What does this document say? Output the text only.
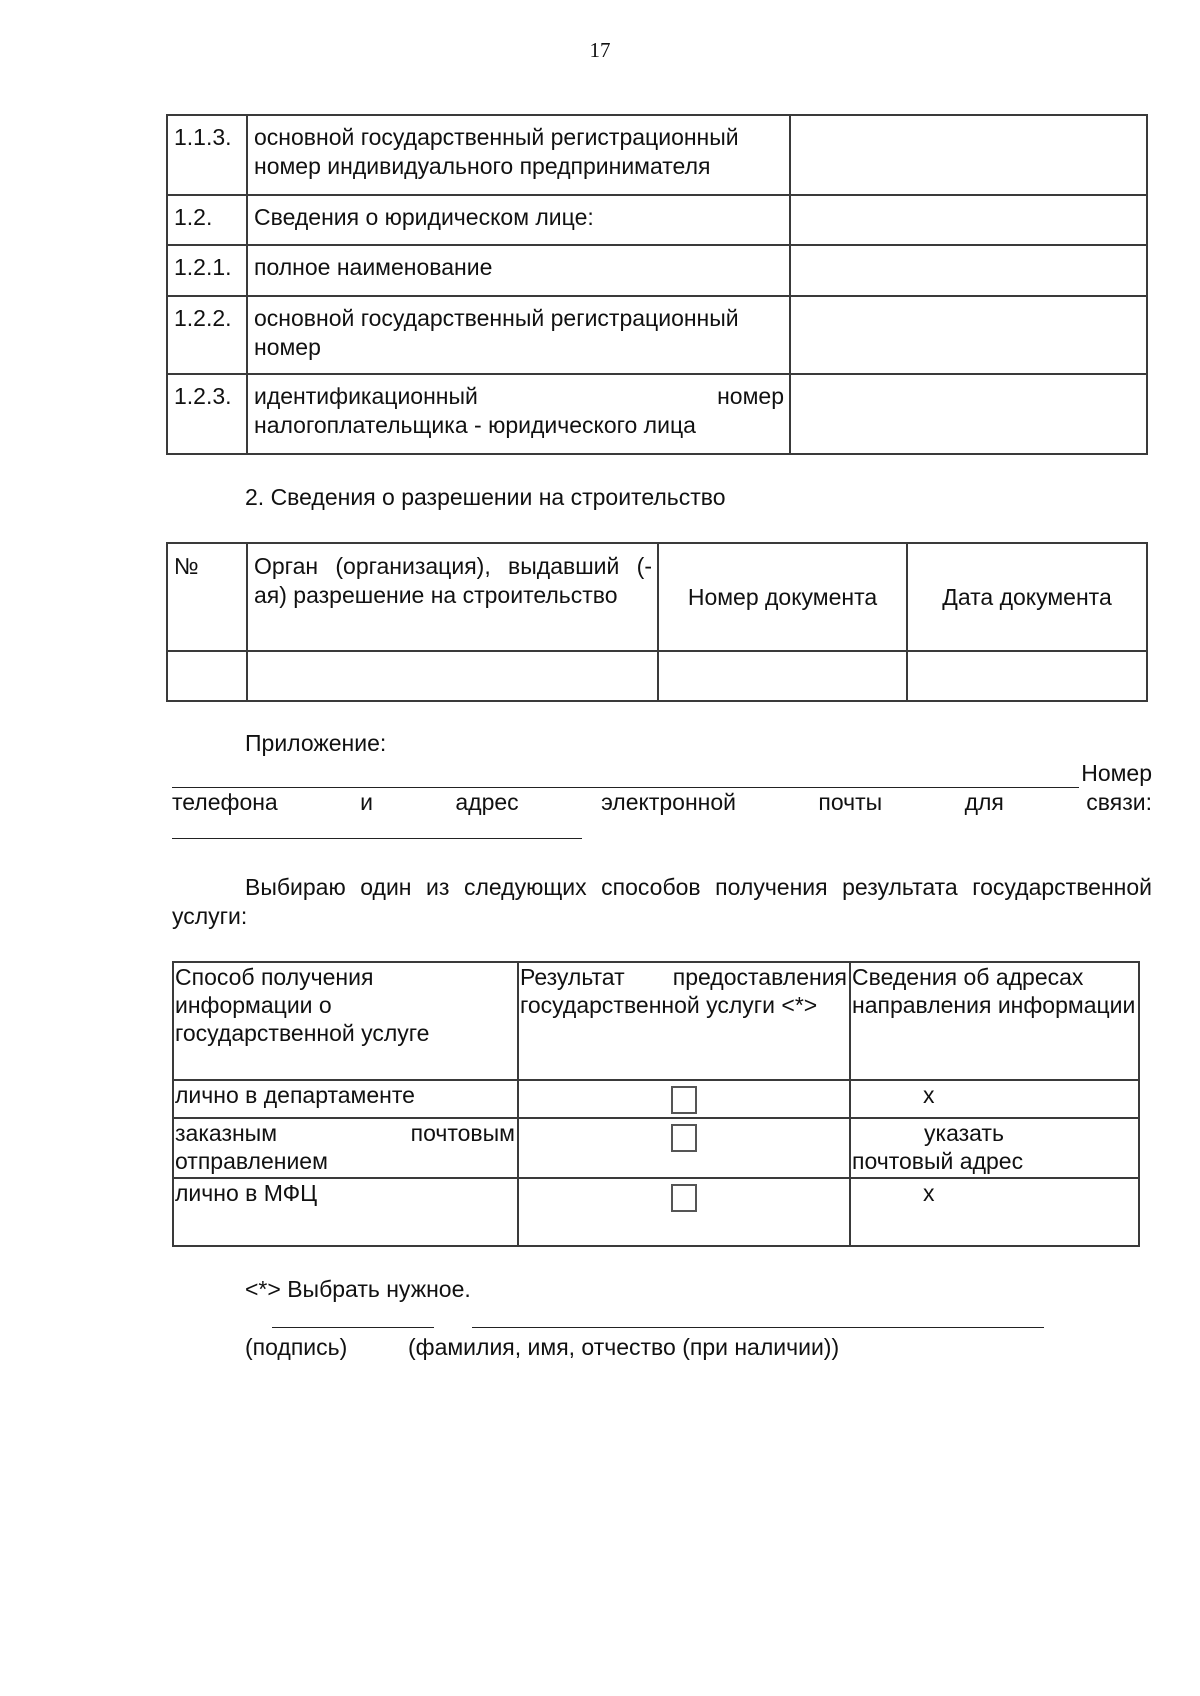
17
1.1.3.	основной государственный регистрационный номер индивидуального предпринимателя	
1.2.	Сведения о юридическом лице:	
1.2.1.	полное наименование	
1.2.2.	основной государственный регистрационный номер	
1.2.3.	идентификационный номер
налогоплательщика - юридического лица	

2. Сведения о разрешении на строительство
№	Орган (организация), выдавший (-ая) разрешение на строительство	Номер документа	Дата документа

Приложение:
Номер
телефона и адрес электронной почты для связи:
Выбираю один из следующих способов получения результата государственной услуги:
Способ получения информации о государственной услуге	Результат предоставления государственной услуги <*>	Сведения об адресах направления информации
лично в департаменте		x
заказным почтовым отправлением		указать
почтовый адрес

лично в МФЦ		x
<*> Выбрать нужное.
(подпись)	(фамилия, имя, отчество (при наличии))
